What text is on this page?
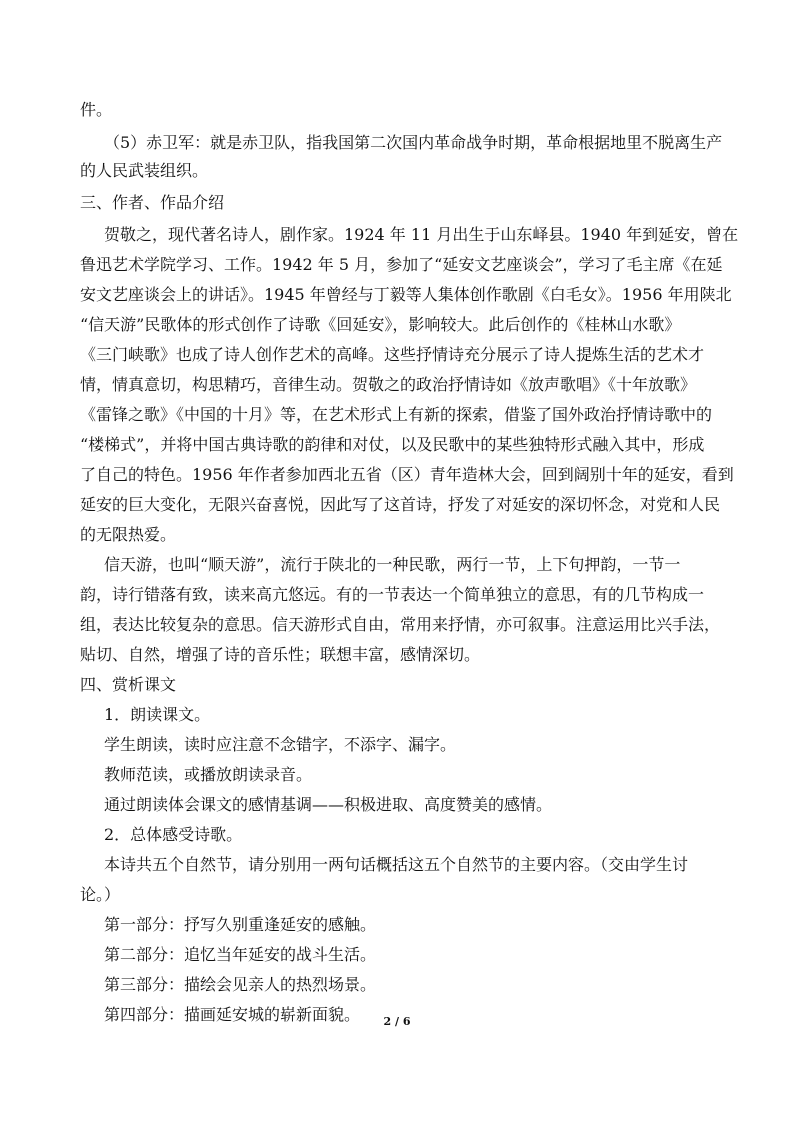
件。
（5）赤卫军：就是赤卫队，指我国第二次国内革命战争时期，革命根据地里不脱离生产
的人民武装组织。
三、作者、作品介绍
贺敬之，现代著名诗人，剧作家。1924 年 11 月出生于山东峄县。1940 年到延安，曾在
鲁迅艺术学院学习、工作。1942 年 5 月，参加了“延安文艺座谈会”，学习了毛主席《在延
安文艺座谈会上的讲话》。1945 年曾经与丁毅等人集体创作歌剧《白毛女》。1956 年用陕北
“信天游”民歌体的形式创作了诗歌《回延安》，影响较大。此后创作的《桂林山水歌》
《三门峡歌》也成了诗人创作艺术的高峰。这些抒情诗充分展示了诗人提炼生活的艺术才
情，情真意切，构思精巧，音律生动。贺敬之的政治抒情诗如《放声歌唱》《十年放歌》
《雷锋之歌》《中国的十月》等，在艺术形式上有新的探索，借鉴了国外政治抒情诗歌中的
“楼梯式”，并将中国古典诗歌的韵律和对仗，以及民歌中的某些独特形式融入其中，形成
了自己的特色。1956 年作者参加西北五省（区）青年造林大会，回到阔别十年的延安，看到
延安的巨大变化，无限兴奋喜悦，因此写了这首诗，抒发了对延安的深切怀念，对党和人民
的无限热爱。
信天游，也叫“顺天游”，流行于陕北的一种民歌，两行一节，上下句押韵，一节一
韵，诗行错落有致，读来高亢悠远。有的一节表达一个简单独立的意思，有的几节构成一
组，表达比较复杂的意思。信天游形式自由，常用来抒情，亦可叙事。注意运用比兴手法，
贴切、自然，增强了诗的音乐性；联想丰富，感情深切。
四、赏析课文
1．朗读课文。
学生朗读，读时应注意不念错字，不添字、漏字。
教师范读，或播放朗读录音。
通过朗读体会课文的感情基调——积极进取、高度赞美的感情。
2．总体感受诗歌。
本诗共五个自然节，请分别用一两句话概括这五个自然节的主要内容。（交由学生讨
论。）
第一部分：抒写久别重逢延安的感触。
第二部分：追忆当年延安的战斗生活。
第三部分：描绘会见亲人的热烈场景。
第四部分：描画延安城的崭新面貌。	2 / 6
